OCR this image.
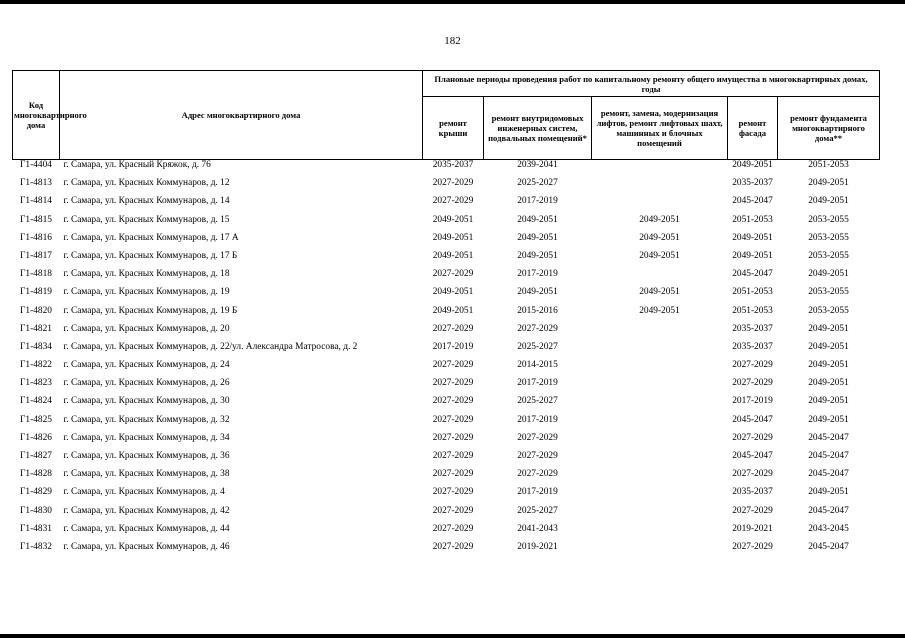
182
Код многоквартирного дома	Адрес многоквартирного дома	Плановые периоды проведения работ по капитальному ремонту общего имущества в многоквартирных домах, годы				
		ремонт крыши	ремонт внутридомовых инженерных систем, подвальных помещений*	ремонт, замена, модернизация лифтов, ремонт лифтовых шахт, машинных и блочных помещений	ремонт фасада	ремонт фундамента многоквартирного дома**
Г1-4404	г. Самара, ул. Красный Кряжок, д. 76	2035-2037	2039-2041		2049-2051	2051-2053
Г1-4813	г. Самара, ул. Красных Коммунаров, д. 12	2027-2029	2025-2027		2035-2037	2049-2051
Г1-4814	г. Самара, ул. Красных Коммунаров, д. 14	2027-2029	2017-2019		2045-2047	2049-2051
Г1-4815	г. Самара, ул. Красных Коммунаров, д. 15	2049-2051	2049-2051	2049-2051	2051-2053	2053-2055
Г1-4816	г. Самара, ул. Красных Коммунаров, д. 17 А	2049-2051	2049-2051	2049-2051	2049-2051	2053-2055
Г1-4817	г. Самара, ул. Красных Коммунаров, д. 17 Б	2049-2051	2049-2051	2049-2051	2049-2051	2053-2055
Г1-4818	г. Самара, ул. Красных Коммунаров, д. 18	2027-2029	2017-2019		2045-2047	2049-2051
Г1-4819	г. Самара, ул. Красных Коммунаров, д. 19	2049-2051	2049-2051	2049-2051	2051-2053	2053-2055
Г1-4820	г. Самара, ул. Красных Коммунаров, д. 19 Б	2049-2051	2015-2016	2049-2051	2051-2053	2053-2055
Г1-4821	г. Самара, ул. Красных Коммунаров, д. 20	2027-2029	2027-2029		2035-2037	2049-2051
Г1-4834	г. Самара, ул. Красных Коммунаров, д. 22/ул. Александра Матросова, д. 2	2017-2019	2025-2027		2035-2037	2049-2051
Г1-4822	г. Самара, ул. Красных Коммунаров, д. 24	2027-2029	2014-2015		2027-2029	2049-2051
Г1-4823	г. Самара, ул. Красных Коммунаров, д. 26	2027-2029	2017-2019		2027-2029	2049-2051
Г1-4824	г. Самара, ул. Красных Коммунаров, д. 30	2027-2029	2025-2027		2017-2019	2049-2051
Г1-4825	г. Самара, ул. Красных Коммунаров, д. 32	2027-2029	2017-2019		2045-2047	2049-2051
Г1-4826	г. Самара, ул. Красных Коммунаров, д. 34	2027-2029	2027-2029		2027-2029	2045-2047
Г1-4827	г. Самара, ул. Красных Коммунаров, д. 36	2027-2029	2027-2029		2045-2047	2045-2047
Г1-4828	г. Самара, ул. Красных Коммунаров, д. 38	2027-2029	2027-2029		2027-2029	2045-2047
Г1-4829	г. Самара, ул. Красных Коммунаров, д. 4	2027-2029	2017-2019		2035-2037	2049-2051
Г1-4830	г. Самара, ул. Красных Коммунаров, д. 42	2027-2029	2025-2027		2027-2029	2045-2047
Г1-4831	г. Самара, ул. Красных Коммунаров, д. 44	2027-2029	2041-2043		2019-2021	2043-2045
Г1-4832	г. Самара, ул. Красных Коммунаров, д. 46	2027-2029	2019-2021		2027-2029	2045-2047
